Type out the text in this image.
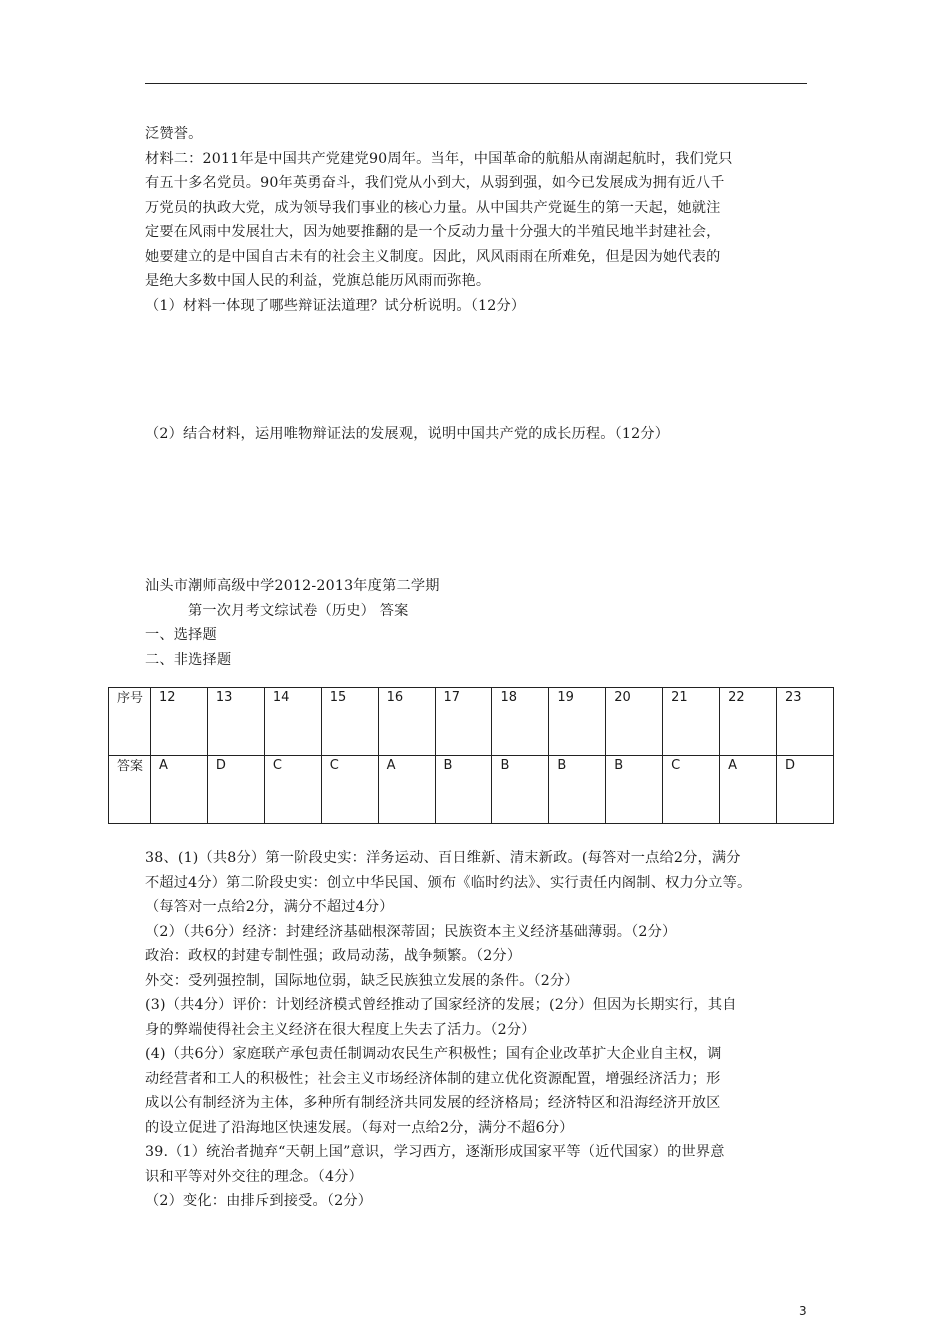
泛赞誉。

材料二：2011年是中国共产党建党90周年。当年，中国革命的航船从南湖起航时，我们党只

有五十多名党员。90年英勇奋斗，我们党从小到大，从弱到强，如今已发展成为拥有近八千

万党员的执政大党，成为领导我们事业的核心力量。从中国共产党诞生的第一天起，她就注

定要在风雨中发展壮大，因为她要推翻的是一个反动力量十分强大的半殖民地半封建社会，

她要建立的是中国自古未有的社会主义制度。因此，风风雨雨在所难免，但是因为她代表的

是绝大多数中国人民的利益，党旗总能历风雨而弥艳。

（1）材料一体现了哪些辩证法道理？试分析说明。（12分）

（2）结合材料，运用唯物辩证法的发展观，说明中国共产党的成长历程。（12分）

汕头市潮师高级中学2012-2013年度第二学期

第一次月考文综试卷（历史） 答案

一、选择题

二、非选择题

序号	12	13	14	15	16	17	18	19	20	21	22	23
答案	A	D	C	C	A	B	B	B	B	C	A	D

38、(1)（共8分）第一阶段史实：洋务运动、百日维新、清末新政。(每答对一点给2分，满分

不超过4分）第二阶段史实：创立中华民国、颁布《临时约法》、实行责任内阁制、权力分立等。

（每答对一点给2分，满分不超过4分）

（2）（共6分）经济：封建经济基础根深蒂固；民族资本主义经济基础薄弱。（2分）

政治：政权的封建专制性强；政局动荡，战争频繁。（2分）

外交：受列强控制，国际地位弱，缺乏民族独立发展的条件。（2分）

(3)（共4分）评价：计划经济模式曾经推动了国家经济的发展；(2分）但因为长期实行，其自

身的弊端使得社会主义经济在很大程度上失去了活力。（2分）

(4)（共6分）家庭联产承包责任制调动农民生产积极性；国有企业改革扩大企业自主权，调

动经营者和工人的积极性；社会主义市场经济体制的建立优化资源配置，增强经济活力；形

成以公有制经济为主体，多种所有制经济共同发展的经济格局；经济特区和沿海经济开放区

的设立促进了沿海地区快速发展。（每对一点给2分，满分不超6分）

39.（1）统治者抛弃“天朝上国”意识，学习西方，逐渐形成国家平等（近代国家）的世界意

识和平等对外交往的理念。（4分）

（2）变化：由排斥到接受。（2分）

3
